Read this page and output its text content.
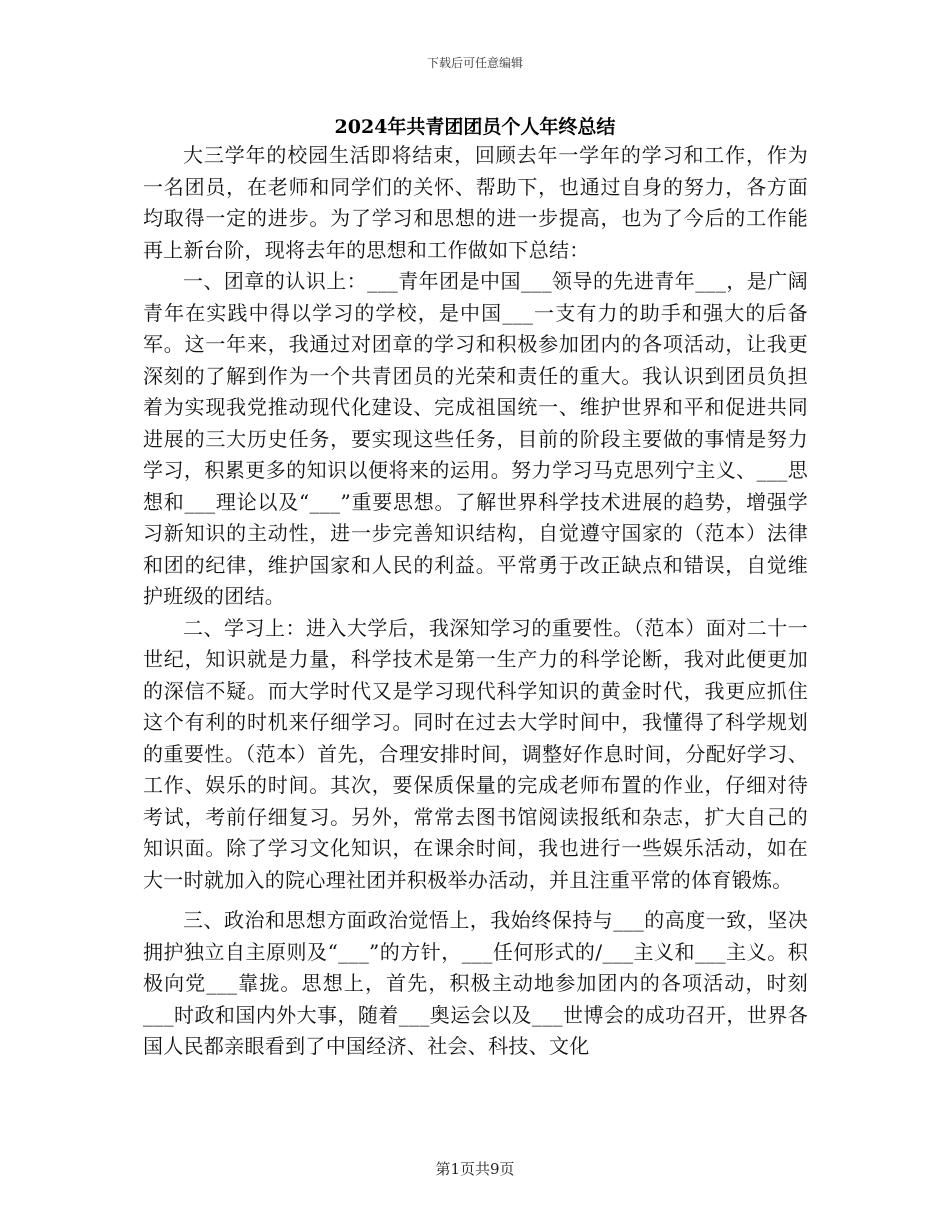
下载后可任意编辑
2024年共青团团员个人年终总结

大三学年的校园生活即将结束，回顾去年一学年的学习和工作，作为一名团员，在老师和同学们的关怀、帮助下，也通过自身的努力，各方面均取得一定的进步。为了学习和思想的进一步提高，也为了今后的工作能再上新台阶，现将去年的思想和工作做如下总结：

一、团章的认识上：___青年团是中国___领导的先进青年___，是广阔青年在实践中得以学习的学校，是中国___一支有力的助手和强大的后备军。这一年来，我通过对团章的学习和积极参加团内的各项活动，让我更深刻的了解到作为一个共青团员的光荣和责任的重大。我认识到团员负担着为实现我党推动现代化建设、完成祖国统一、维护世界和平和促进共同进展的三大历史任务，要实现这些任务，目前的阶段主要做的事情是努力学习，积累更多的知识以便将来的运用。努力学习马克思列宁主义、___思想和___理论以及“___”重要思想。了解世界科学技术进展的趋势，增强学习新知识的主动性，进一步完善知识结构，自觉遵守国家的（范本）法律和团的纪律，维护国家和人民的利益。平常勇于改正缺点和错误，自觉维护班级的团结。

二、学习上：进入大学后，我深知学习的重要性。（范本）面对二十一世纪，知识就是力量，科学技术是第一生产力的科学论断，我对此便更加的深信不疑。而大学时代又是学习现代科学知识的黄金时代，我更应抓住这个有利的时机来仔细学习。同时在过去大学时间中，我懂得了科学规划的重要性。（范本）首先，合理安排时间，调整好作息时间，分配好学习、工作、娱乐的时间。其次，要保质保量的完成老师布置的作业，仔细对待考试，考前仔细复习。另外，常常去图书馆阅读报纸和杂志，扩大自己的知识面。除了学习文化知识，在课余时间，我也进行一些娱乐活动，如在大一时就加入的院心理社团并积极举办活动，并且注重平常的体育锻炼。

三、政治和思想方面政治觉悟上，我始终保持与___的高度一致，坚决拥护独立自主原则及“___”的方针，___任何形式的/___主义和___主义。积极向党___靠拢。思想上，首先，积极主动地参加团内的各项活动，时刻___时政和国内外大事，随着___奥运会以及___世博会的成功召开，世界各国人民都亲眼看到了中国经济、社会、科技、文化

第1页共9页
